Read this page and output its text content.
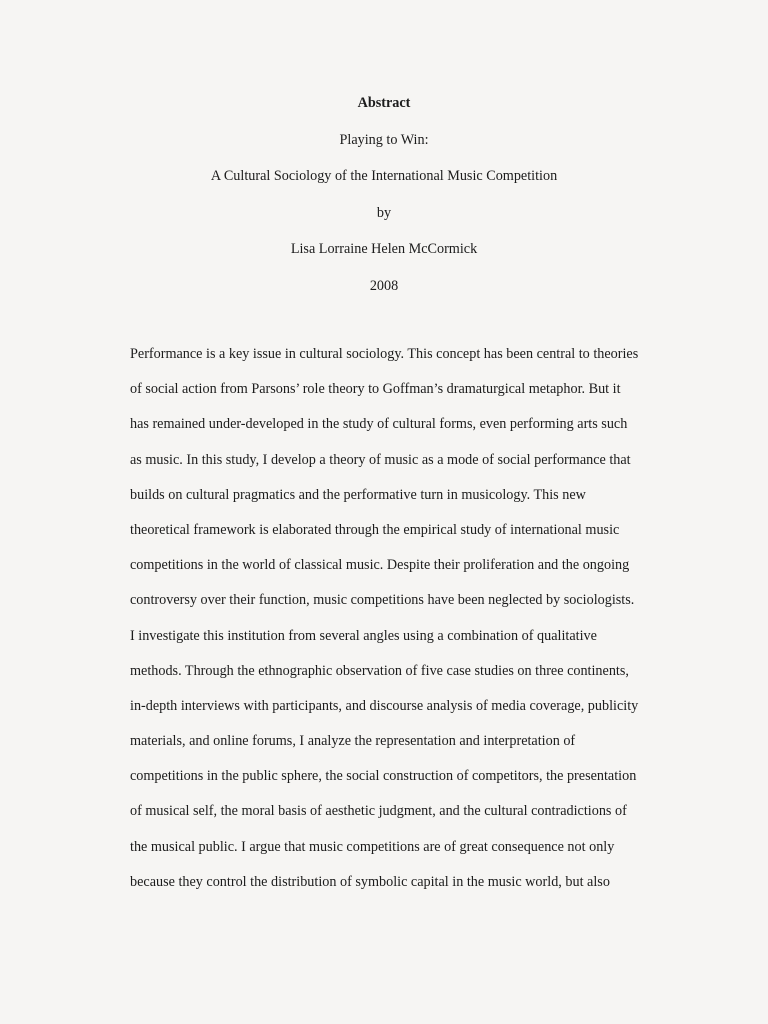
Abstract
Playing to Win:
A Cultural Sociology of the International Music Competition
by
Lisa Lorraine Helen McCormick
2008
Performance is a key issue in cultural sociology. This concept has been central to theories
of social action from Parsons’ role theory to Goffman’s dramaturgical metaphor. But it
has remained under-developed in the study of cultural forms, even performing arts such
as music. In this study, I develop a theory of music as a mode of social performance that
builds on cultural pragmatics and the performative turn in musicology. This new
theoretical framework is elaborated through the empirical study of international music
competitions in the world of classical music. Despite their proliferation and the ongoing
controversy over their function, music competitions have been neglected by sociologists.
I investigate this institution from several angles using a combination of qualitative
methods. Through the ethnographic observation of five case studies on three continents,
in-depth interviews with participants, and discourse analysis of media coverage, publicity
materials, and online forums, I analyze the representation and interpretation of
competitions in the public sphere, the social construction of competitors, the presentation
of musical self, the moral basis of aesthetic judgment, and the cultural contradictions of
the musical public. I argue that music competitions are of great consequence not only
because they control the distribution of symbolic capital in the music world, but also
